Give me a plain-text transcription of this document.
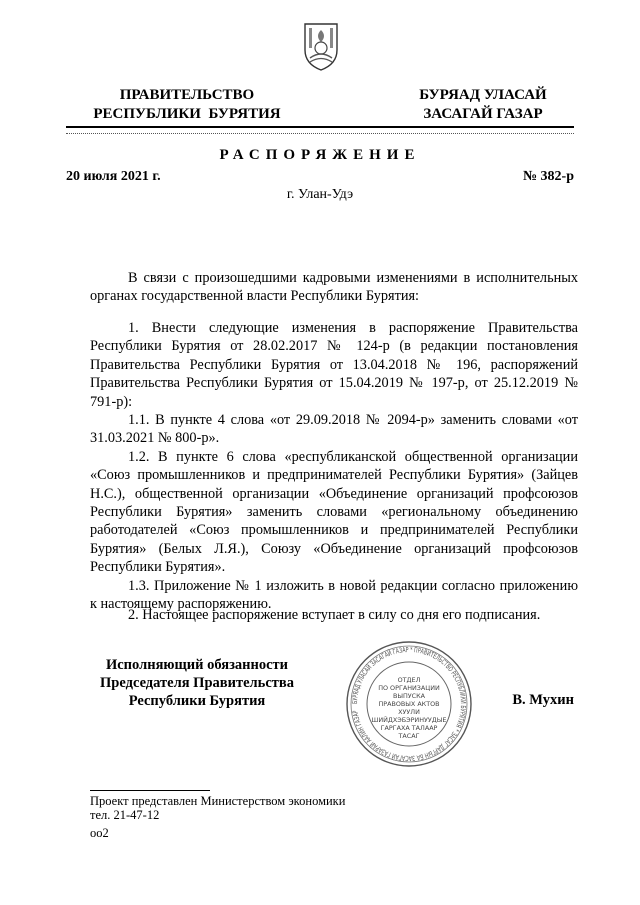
ПРАВИТЕЛЬСТВО
РЕСПУБЛИКИ  БУРЯТИЯ
БУРЯАД УЛАСАЙ
ЗАСАГАЙ ГАЗАР
РАСПОРЯЖЕНИЕ
20 июля 2021 г.	№ 382-р
г. Улан-Удэ

В связи с произошедшими кадровыми изменениями в исполнительных органах государственной власти Республики Бурятия:

1. Внести следующие изменения в распоряжение Правительства Республики Бурятия от 28.02.2017 № 124-р (в редакции постановления Правительства Республики Бурятия от 13.04.2018 № 196, распоряжений Правительства Республики Бурятия от 15.04.2019 № 197-р, от 25.12.2019 № 791-р):

1.1. В пункте 4 слова «от 29.09.2018 № 2094-р» заменить словами «от 31.03.2021 № 800-р».

1.2. В пункте 6 слова «республиканской общественной организации «Союз промышленников и предпринимателей Республики Бурятия» (Зайцев Н.С.), общественной организации «Объединение организаций профсоюзов Республики Бурятия» заменить словами «региональному объединению работодателей «Союз промышленников и предпринимателей Республики Бурятия» (Белых Л.Я.), Союзу «Объединение организаций профсоюзов Республики Бурятия».

1.3. Приложение № 1 изложить в новой редакции согласно приложению к настоящему распоряжению.

2. Настоящее распоряжение вступает в силу со дня его подписания.

Исполняющий обязанности
Председателя Правительства
Республики Бурятия	В. Мухин
БУРЯАД УЛАСАЙ ЗАСАГАЙ ГАЗАР * ПРАВИТЕЛЬСТВО РЕСПУБЛИКИ БУРЯТИЯ * ЗАСАГ ДАРГЫН БА ЗАСАГАЙ ГАЗАРАЙ ААЛИН ГАЗАР
ОТДЕЛ
ПО ОРГАНИЗАЦИИ
ВЫПУСКА
ПРАВОВЫХ АКТОВ
ХУУЛИ
ШИЙДХЭБЭРИНУУДЫЕ
ГАРГАХА ТАЛААР
ТАСАГ
Проект представлен Министерством экономики
тел. 21-47-12
оо2
